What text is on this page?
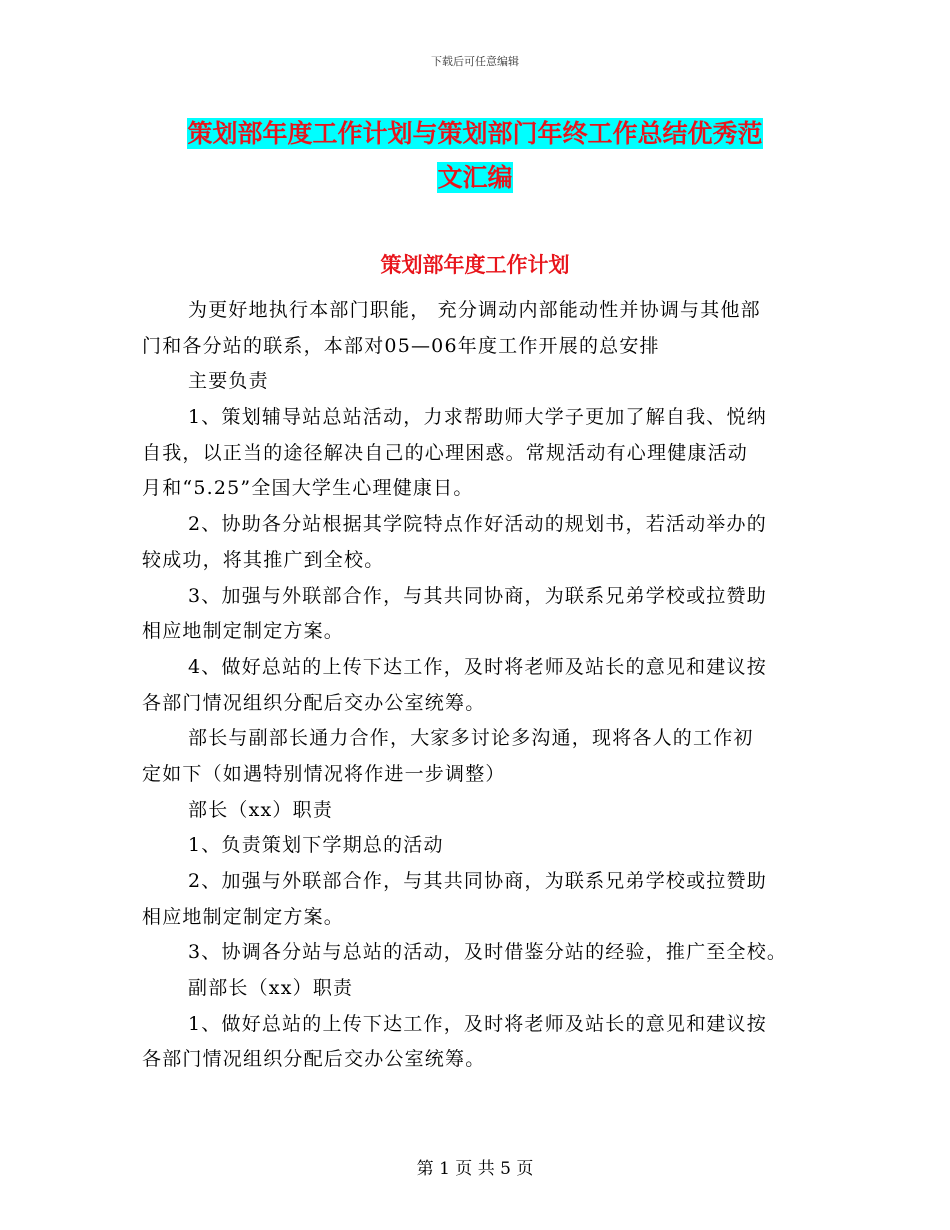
下载后可任意编辑
策划部年度工作计划与策划部门年终工作总结优秀范
文汇编
策划部年度工作计划
为更好地执行本部门职能， 充分调动内部能动性并协调与其他部
门和各分站的联系，本部对05—06年度工作开展的总安排
主要负责
1、策划辅导站总站活动，力求帮助师大学子更加了解自我、悦纳
自我，以正当的途径解决自己的心理困惑。常规活动有心理健康活动
月和“5.25”全国大学生心理健康日。
2、协助各分站根据其学院特点作好活动的规划书，若活动举办的
较成功，将其推广到全校。
3、加强与外联部合作，与其共同协商，为联系兄弟学校或拉赞助
相应地制定制定方案。
4、做好总站的上传下达工作，及时将老师及站长的意见和建议按
各部门情况组织分配后交办公室统筹。
部长与副部长通力合作，大家多讨论多沟通，现将各人的工作初
定如下（如遇特别情况将作进一步调整）
部长（xx）职责
1、负责策划下学期总的活动
2、加强与外联部合作，与其共同协商，为联系兄弟学校或拉赞助
相应地制定制定方案。
3、协调各分站与总站的活动，及时借鉴分站的经验，推广至全校。
副部长（xx）职责
1、做好总站的上传下达工作，及时将老师及站长的意见和建议按
各部门情况组织分配后交办公室统筹。
第 1 页 共 5 页
